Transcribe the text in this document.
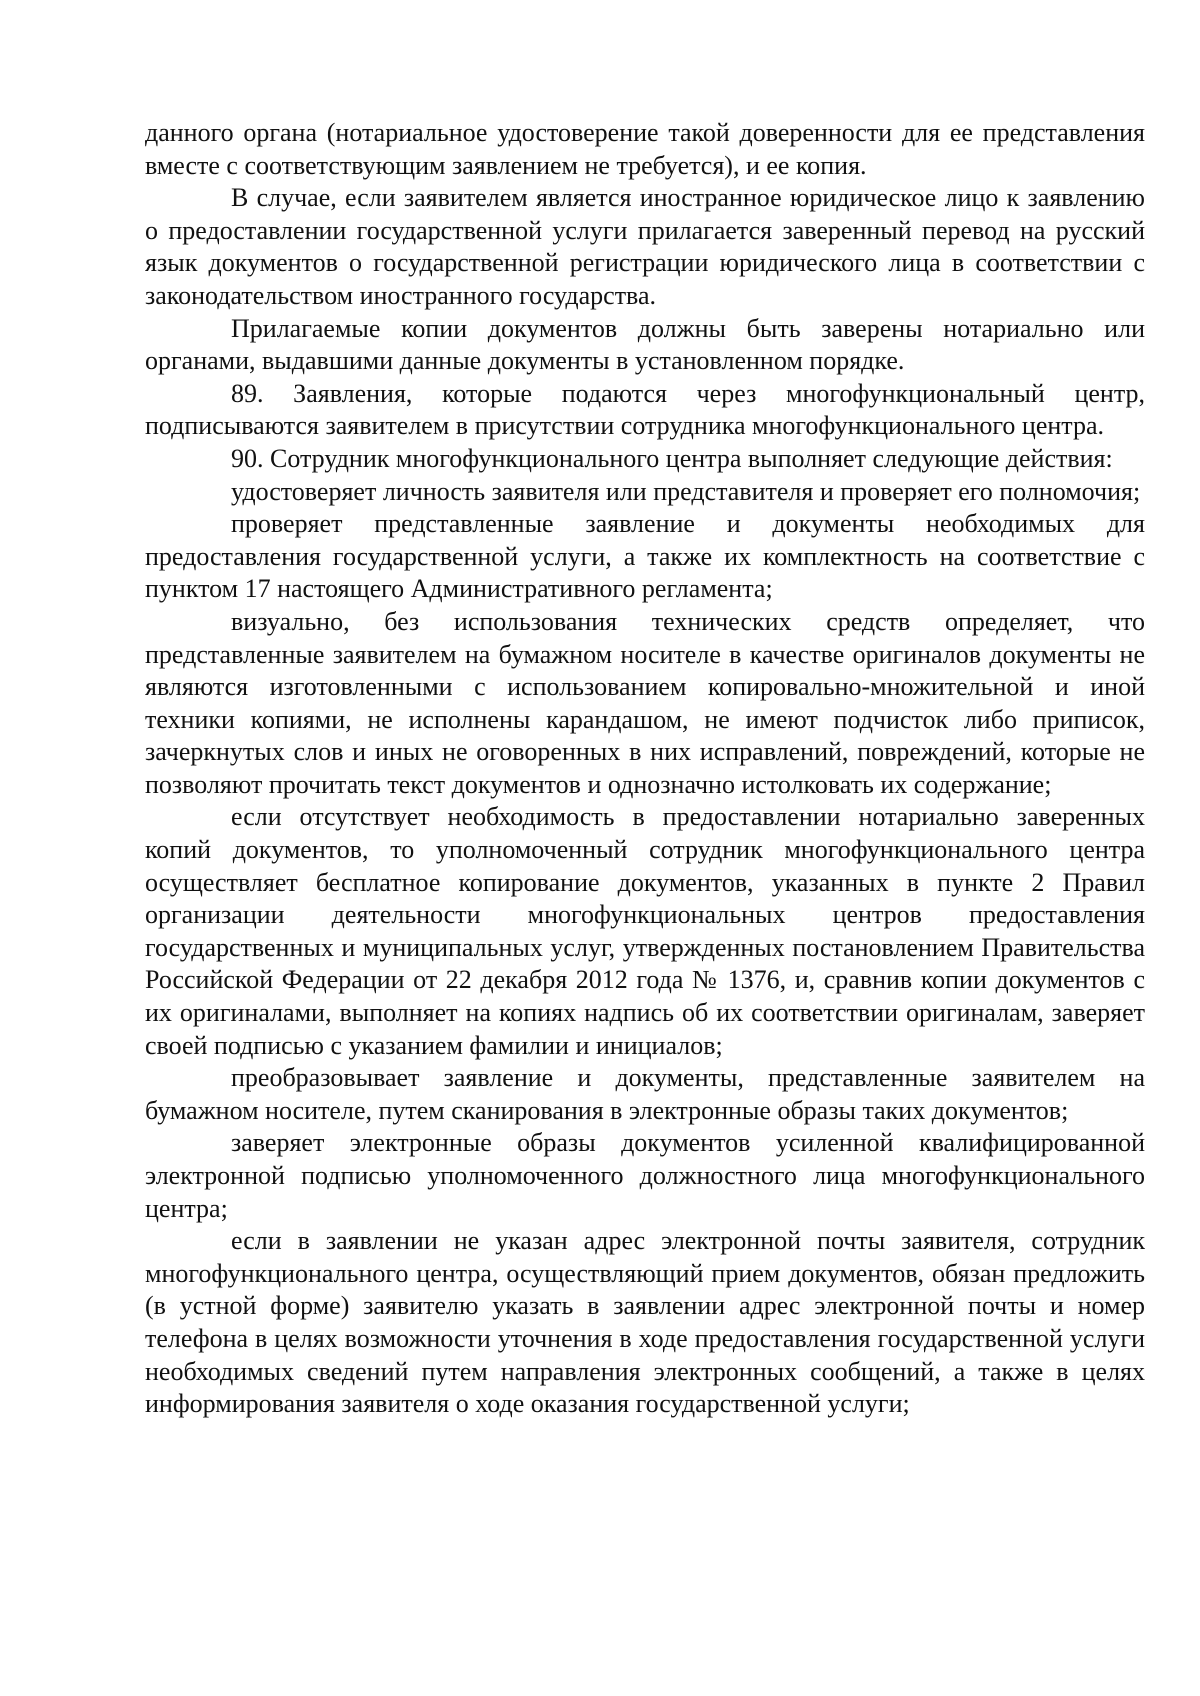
данного органа (нотариальное удостоверение такой доверенности для ее представления вместе с соответствующим заявлением не требуется), и ее копия.

В случае, если заявителем является иностранное юридическое лицо к заявлению о предоставлении государственной услуги прилагается заверенный перевод на русский язык документов о государственной регистрации юридического лица в соответствии с законодательством иностранного государства.

Прилагаемые копии документов должны быть заверены нотариально или органами, выдавшими данные документы в установленном порядке.

89. Заявления, которые подаются через многофункциональный центр, подписываются заявителем в присутствии сотрудника многофункционального центра.

90. Сотрудник многофункционального центра выполняет следующие действия:

удостоверяет личность заявителя или представителя и проверяет его полномочия;

проверяет представленные заявление и документы необходимых для предоставления государственной услуги, а также их комплектность на соответствие с пунктом 17 настоящего Административного регламента;

визуально, без использования технических средств определяет, что представленные заявителем на бумажном носителе в качестве оригиналов документы не являются изготовленными с использованием копировально-множительной и иной техники копиями, не исполнены карандашом, не имеют подчисток либо приписок, зачеркнутых слов и иных не оговоренных в них исправлений, повреждений, которые не позволяют прочитать текст документов и однозначно истолковать их содержание;

если отсутствует необходимость в предоставлении нотариально заверенных копий документов, то уполномоченный сотрудник многофункционального центра осуществляет бесплатное копирование документов, указанных в пункте 2 Правил организации деятельности многофункциональных центров предоставления государственных и муниципальных услуг, утвержденных постановлением Правительства Российской Федерации от 22 декабря 2012 года № 1376, и, сравнив копии документов с их оригиналами, выполняет на копиях надпись об их соответствии оригиналам, заверяет своей подписью с указанием фамилии и инициалов;

преобразовывает заявление и документы, представленные заявителем на бумажном носителе, путем сканирования в электронные образы таких документов;

заверяет электронные образы документов усиленной квалифицированной электронной подписью уполномоченного должностного лица многофункционального центра;

если в заявлении не указан адрес электронной почты заявителя, сотрудник многофункционального центра, осуществляющий прием документов, обязан предложить (в устной форме) заявителю указать в заявлении адрес электронной почты и номер телефона в целях возможности уточнения в ходе предоставления государственной услуги необходимых сведений путем направления электронных сообщений, а также в целях информирования заявителя о ходе оказания государственной услуги;
